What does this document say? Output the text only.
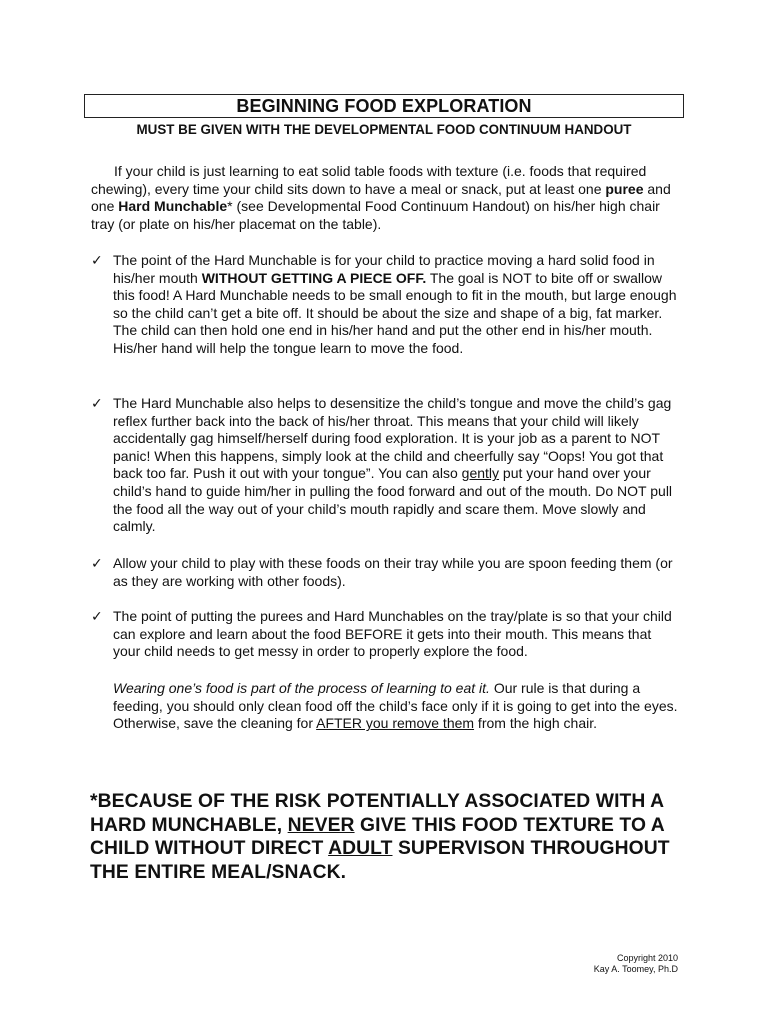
BEGINNING FOOD EXPLORATION
MUST BE GIVEN WITH THE DEVELOPMENTAL FOOD CONTINUUM HANDOUT

If your child is just learning to eat solid table foods with texture (i.e. foods that required chewing), every time your child sits down to have a meal or snack, put at least one puree and one Hard Munchable* (see Developmental Food Continuum Handout) on his/her high chair tray (or plate on his/her placemat on the table).

✓ The point of the Hard Munchable is for your child to practice moving a hard solid food in his/her mouth WITHOUT GETTING A PIECE OFF. The goal is NOT to bite off or swallow this food! A Hard Munchable needs to be small enough to fit in the mouth, but large enough so the child can’t get a bite off. It should be about the size and shape of a big, fat marker. The child can then hold one end in his/her hand and put the other end in his/her mouth. His/her hand will help the tongue learn to move the food.
✓ The Hard Munchable also helps to desensitize the child’s tongue and move the child’s gag reflex further back into the back of his/her throat. This means that your child will likely accidentally gag himself/herself during food exploration. It is your job as a parent to NOT panic! When this happens, simply look at the child and cheerfully say “Oops! You got that back too far. Push it out with your tongue”. You can also gently put your hand over your child’s hand to guide him/her in pulling the food forward and out of the mouth. Do NOT pull the food all the way out of your child’s mouth rapidly and scare them. Move slowly and calmly.
✓ Allow your child to play with these foods on their tray while you are spoon feeding them (or as they are working with other foods).
✓ The point of putting the purees and Hard Munchables on the tray/plate is so that your child can explore and learn about the food BEFORE it gets into their mouth. This means that your child needs to get messy in order to properly explore the food.

Wearing one’s food is part of the process of learning to eat it. Our rule is that during a feeding, you should only clean food off the child’s face only if it is going to get into the eyes. Otherwise, save the cleaning for AFTER you remove them from the high chair.

*BECAUSE OF THE RISK POTENTIALLY ASSOCIATED WITH A HARD MUNCHABLE, NEVER GIVE THIS FOOD TEXTURE TO A CHILD WITHOUT DIRECT ADULT SUPERVISON THROUGHOUT THE ENTIRE MEAL/SNACK.
Copyright 2010
Kay A. Toomey, Ph.D
